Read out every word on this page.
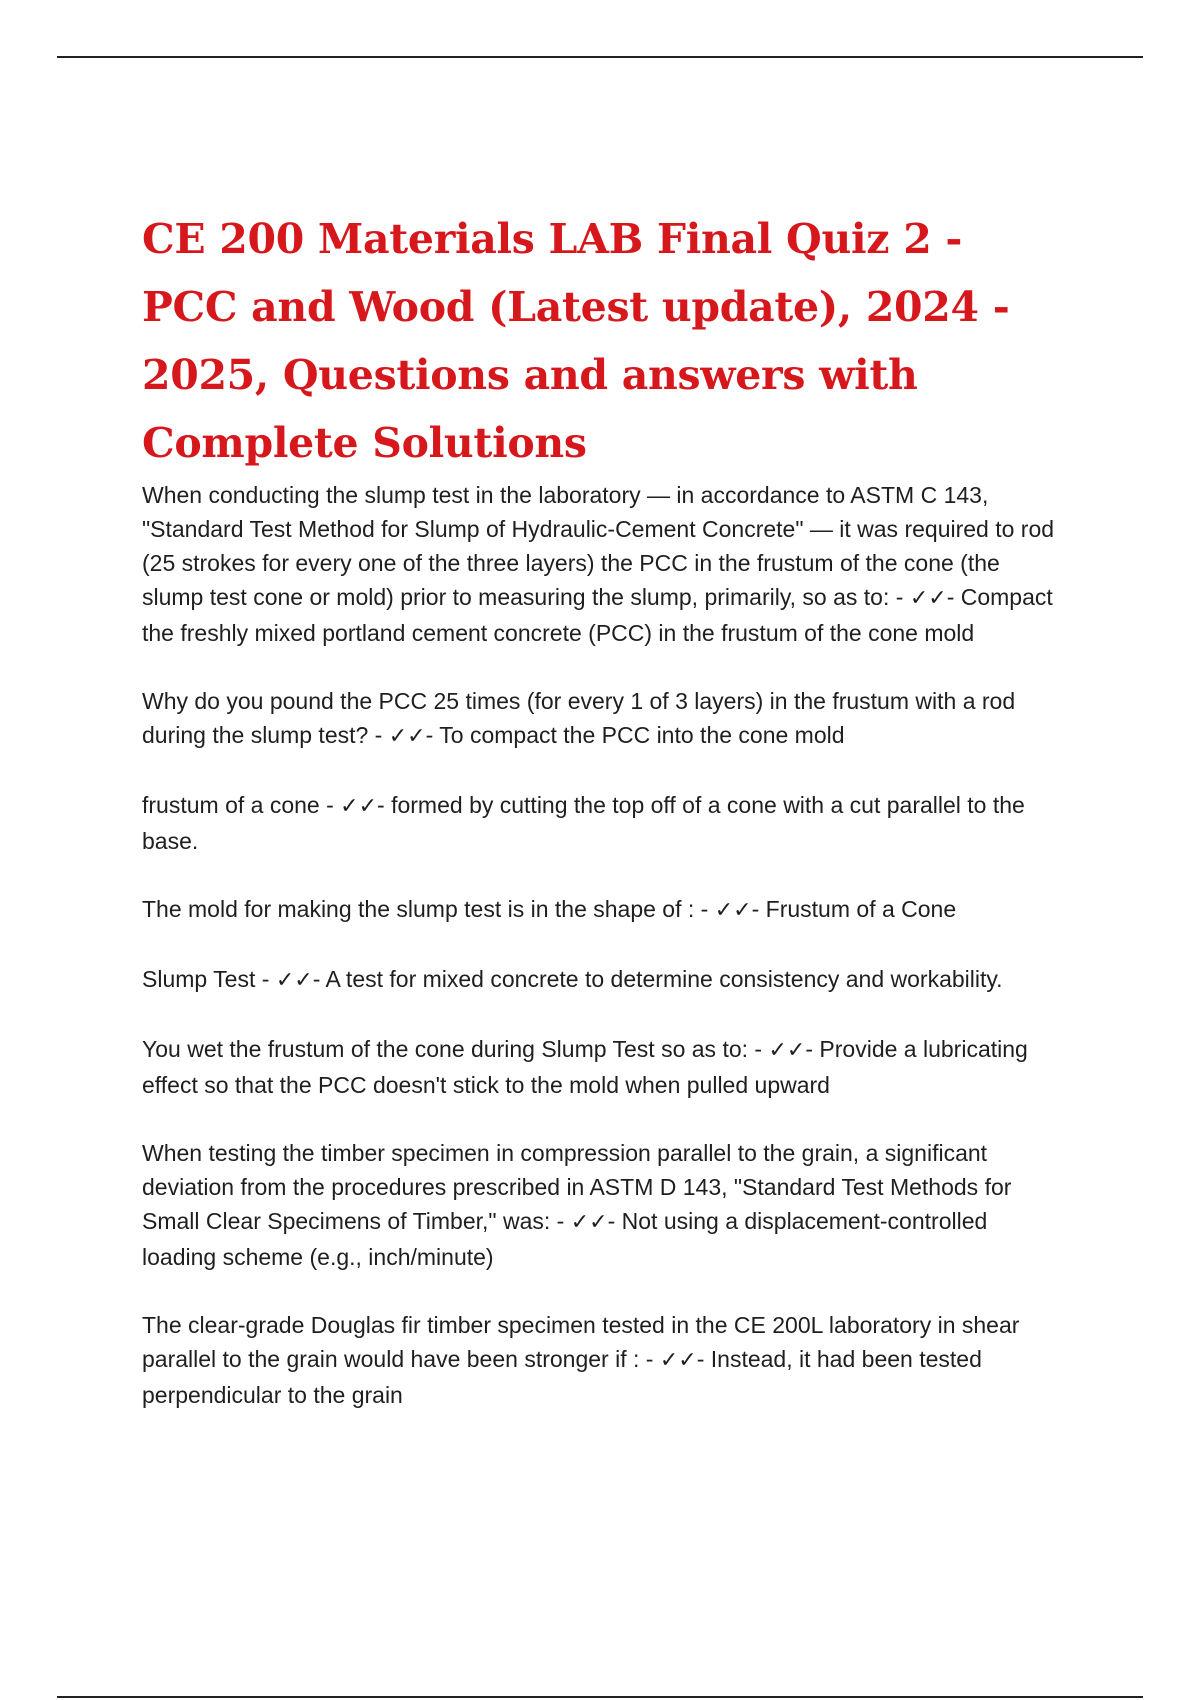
CE 200 Materials LAB Final Quiz 2 - PCC and Wood (Latest update), 2024 - 2025, Questions and answers with Complete Solutions

When conducting the slump test in the laboratory — in accordance to ASTM C 143, "Standard Test Method for Slump of Hydraulic-Cement Concrete" — it was required to rod (25 strokes for every one of the three layers) the PCC in the frustum of the cone (the slump test cone or mold) prior to measuring the slump, primarily, so as to: - ✓✓- Compact the freshly mixed portland cement concrete (PCC) in the frustum of the cone mold

Why do you pound the PCC 25 times (for every 1 of 3 layers) in the frustum with a rod during the slump test? - ✓✓- To compact the PCC into the cone mold

frustum of a cone - ✓✓- formed by cutting the top off of a cone with a cut parallel to the base.

The mold for making the slump test is in the shape of : - ✓✓- Frustum of a Cone

Slump Test - ✓✓- A test for mixed concrete to determine consistency and workability.

You wet the frustum of the cone during Slump Test so as to: - ✓✓- Provide a lubricating effect so that the PCC doesn't stick to the mold when pulled upward

When testing the timber specimen in compression parallel to the grain, a significant deviation from the procedures prescribed in ASTM D 143, "Standard Test Methods for Small Clear Specimens of Timber," was: - ✓✓- Not using a displacement-controlled loading scheme (e.g., inch/minute)

The clear-grade Douglas fir timber specimen tested in the CE 200L laboratory in shear parallel to the grain would have been stronger if : - ✓✓- Instead, it had been tested perpendicular to the grain
